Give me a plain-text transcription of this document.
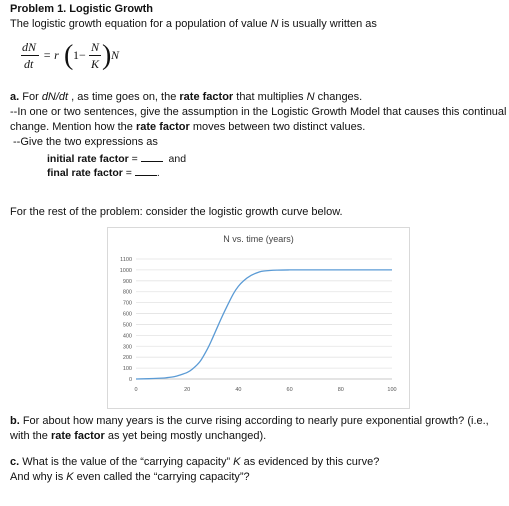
Problem 1. Logistic Growth
The logistic growth equation for a population of value N is usually written as
dN
dt
= r ( 1−
N
K ) N
a. For dN/dt , as time goes on, the rate factor that multiplies N changes.
--In one or two sentences, give the assumption in the Logistic Growth Model that causes this continual
change. Mention how the rate factor moves between two distinct values.
--Give the two expressions as
initial rate factor =	and
final rate factor = .
For the rest of the problem: consider the logistic growth curve below.
N vs. time (years)
0
100
200
300
400
500
600
700
800
900
1000
1100
0	20	40	60	80	100
b. For about how many years is the curve rising according to nearly pure exponential growth? (i.e.,
with the rate factor as yet being mostly unchanged).
c. What is the value of the “carrying capacity” K as evidenced by this curve?
And why is K even called the “carrying capacity”?
